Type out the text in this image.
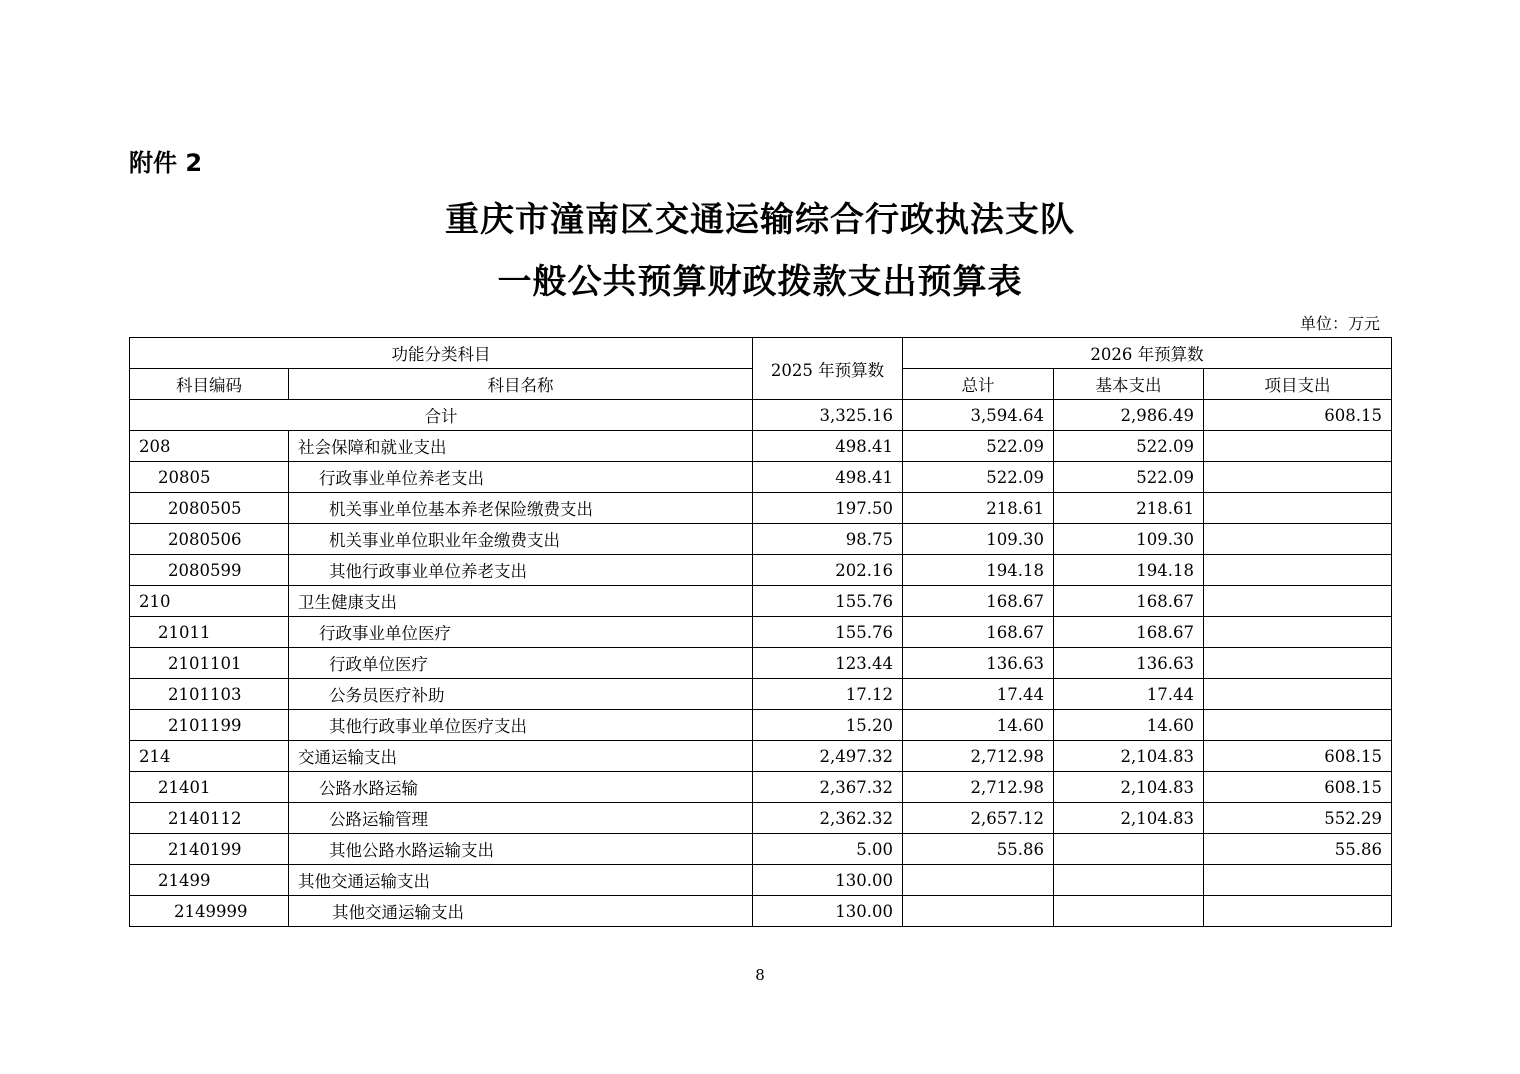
附件 2
重庆市潼南区交通运输综合行政执法支队
一般公共预算财政拨款支出预算表
单位：万元
功能分类科目		2025 年预算数	2026 年预算数		
科目编码	科目名称		总计	基本支出	项目支出
合计		3,325.16	3,594.64	2,986.49	608.15
208	社会保障和就业支出	498.41	522.09	522.09	
20805	行政事业单位养老支出	498.41	522.09	522.09	
2080505	机关事业单位基本养老保险缴费支出	197.50	218.61	218.61	
2080506	机关事业单位职业年金缴费支出	98.75	109.30	109.30	
2080599	其他行政事业单位养老支出	202.16	194.18	194.18	
210	卫生健康支出	155.76	168.67	168.67	
21011	行政事业单位医疗	155.76	168.67	168.67	
2101101	行政单位医疗	123.44	136.63	136.63	
2101103	公务员医疗补助	17.12	17.44	17.44	
2101199	其他行政事业单位医疗支出	15.20	14.60	14.60	
214	交通运输支出	2,497.32	2,712.98	2,104.83	608.15
21401	公路水路运输	2,367.32	2,712.98	2,104.83	608.15
2140112	公路运输管理	2,362.32	2,657.12	2,104.83	552.29
2140199	其他公路水路运输支出	5.00	55.86		55.86
21499	其他交通运输支出	130.00			
2149999	其他交通运输支出	130.00			
8
